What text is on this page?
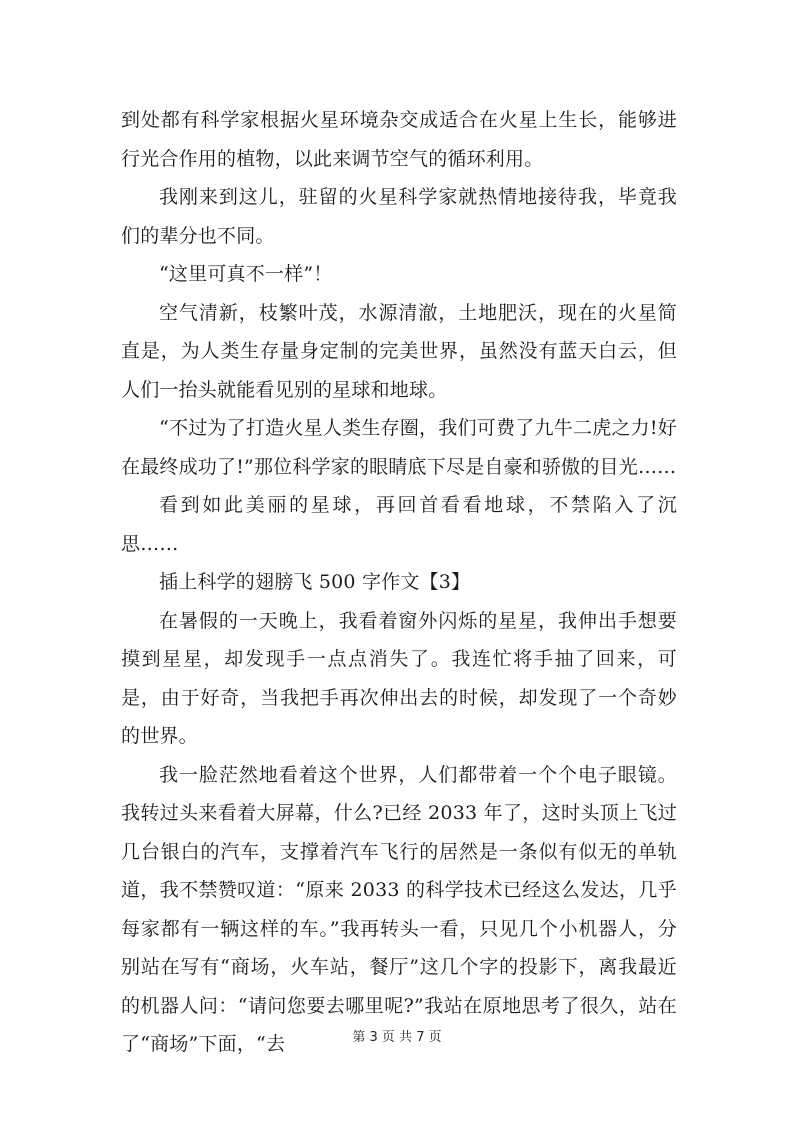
到处都有科学家根据火星环境杂交成适合在火星上生长，能够进行光合作用的植物，以此来调节空气的循环利用。

我刚来到这儿，驻留的火星科学家就热情地接待我，毕竟我们的辈分也不同。

“这里可真不一样”！

空气清新，枝繁叶茂，水源清澈，土地肥沃，现在的火星简直是，为人类生存量身定制的完美世界，虽然没有蓝天白云，但人们一抬头就能看见别的星球和地球。

“不过为了打造火星人类生存圈，我们可费了九牛二虎之力!好在最终成功了!”那位科学家的眼睛底下尽是自豪和骄傲的目光……

看到如此美丽的星球，再回首看看地球，不禁陷入了沉思……

插上科学的翅膀飞 500 字作文【3】

在暑假的一天晚上，我看着窗外闪烁的星星，我伸出手想要摸到星星，却发现手一点点消失了。我连忙将手抽了回来，可是，由于好奇，当我把手再次伸出去的时候，却发现了一个奇妙的世界。

我一脸茫然地看着这个世界，人们都带着一个个电子眼镜。我转过头来看着大屏幕，什么?已经 2033 年了，这时头顶上飞过几台银白的汽车，支撑着汽车飞行的居然是一条似有似无的单轨道，我不禁赞叹道：“原来 2033 的科学技术已经这么发达，几乎每家都有一辆这样的车。”我再转头一看，只见几个小机器人，分别站在写有“商场，火车站，餐厅”这几个字的投影下，离我最近的机器人问：“请问您要去哪里呢?”我站在原地思考了很久，站在了“商场”下面，“去	第 3 页 共 7 页
